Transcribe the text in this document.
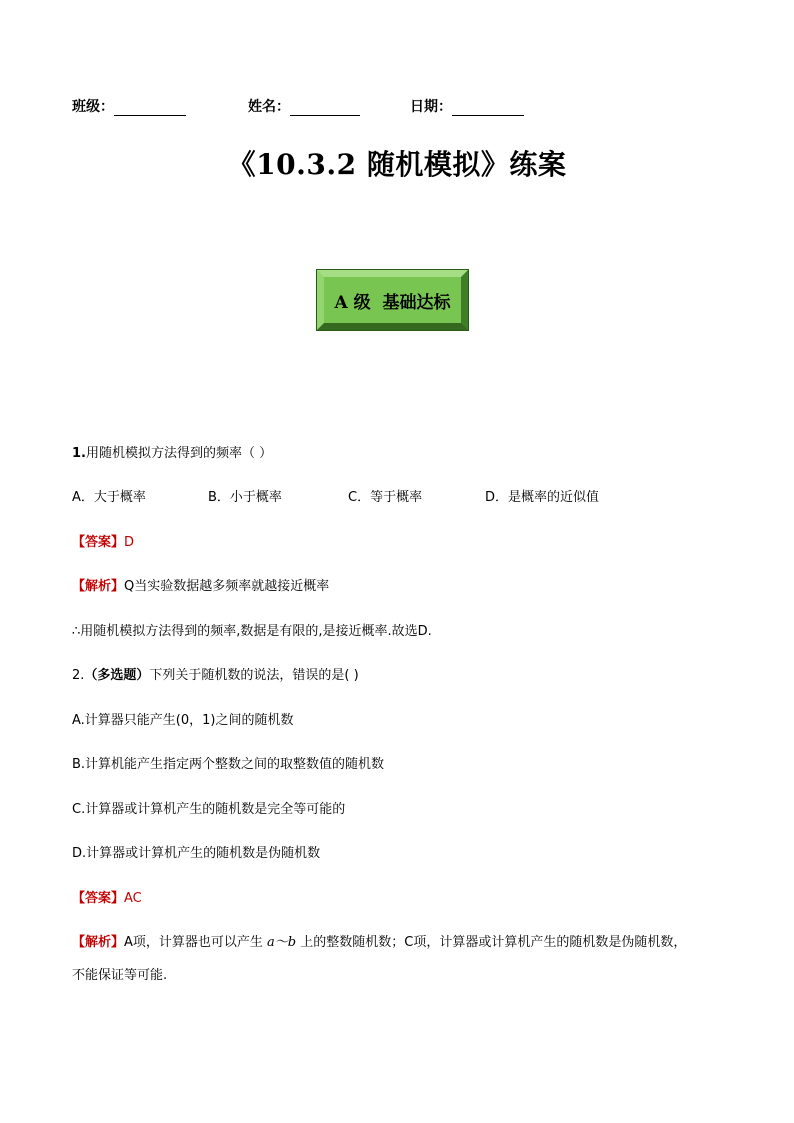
班级：	姓名：	日期：
《10.3.2 随机模拟》练案
A 级  基础达标
1.用随机模拟方法得到的频率（ ）
A．大于概率	B．小于概率	C．等于概率	D．是概率的近似值
【答案】D
【解析】Q当实验数据越多频率就越接近概率
∴用随机模拟方法得到的频率,数据是有限的,是接近概率.故选D.
2.（多选题）下列关于随机数的说法，错误的是( )
A.计算器只能产生(0，1)之间的随机数
B.计算机能产生指定两个整数之间的取整数值的随机数
C.计算器或计算机产生的随机数是完全等可能的
D.计算器或计算机产生的随机数是伪随机数
【答案】AC
【解析】A项，计算器也可以产生 a～b 上的整数随机数；C项，计算器或计算机产生的随机数是伪随机数，
不能保证等可能.
